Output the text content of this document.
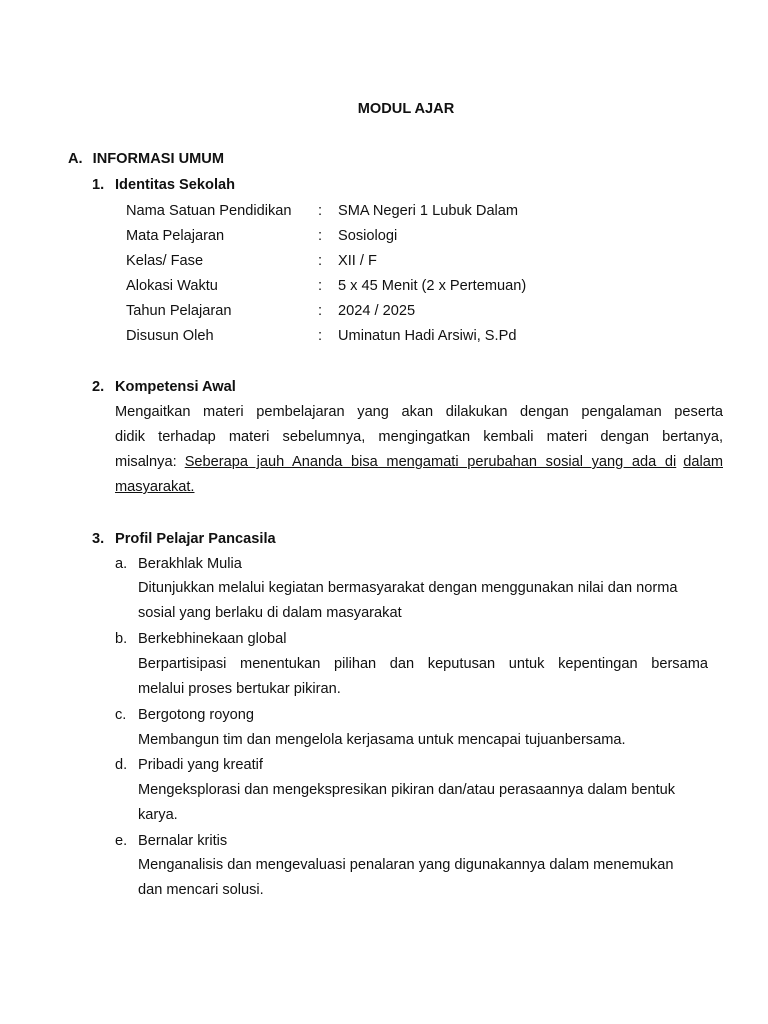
MODUL AJAR
A. INFORMASI UMUM
1. Identitas Sekolah
Nama Satuan Pendidikan : SMA Negeri 1 Lubuk Dalam
Mata Pelajaran	: Sosiologi
Kelas/ Fase	: XII / F
Alokasi Waktu	: 5 x 45 Menit (2 x Pertemuan)
Tahun Pelajaran	: 2024 / 2025
Disusun Oleh	: Uminatun Hadi Arsiwi, S.Pd
2. Kompetensi Awal
Mengaitkan materi pembelajaran yang akan dilakukan dengan pengalaman peserta
didik terhadap materi sebelumnya, mengingatkan kembali materi dengan bertanya,
misalnya: Seberapa jauh Ananda bisa mengamati perubahan sosial yang ada di dalam
masyarakat.
3. Profil Pelajar Pancasila
a. Berakhlak Mulia
Ditunjukkan melalui kegiatan bermasyarakat dengan menggunakan nilai dan norma
sosial yang berlaku di dalam masyarakat
b. Berkebhinekaan global
Berpartisipasi menentukan pilihan dan keputusan untuk kepentingan bersama
melalui proses bertukar pikiran.
c. Bergotong royong
Membangun tim dan mengelola kerjasama untuk mencapai tujuanbersama.
d. Pribadi yang kreatif
Mengeksplorasi dan mengekspresikan pikiran dan/atau perasaannya dalam bentuk
karya.
e. Bernalar kritis
Menganalisis dan mengevaluasi penalaran yang digunakannya dalam menemukan
dan mencari solusi.
